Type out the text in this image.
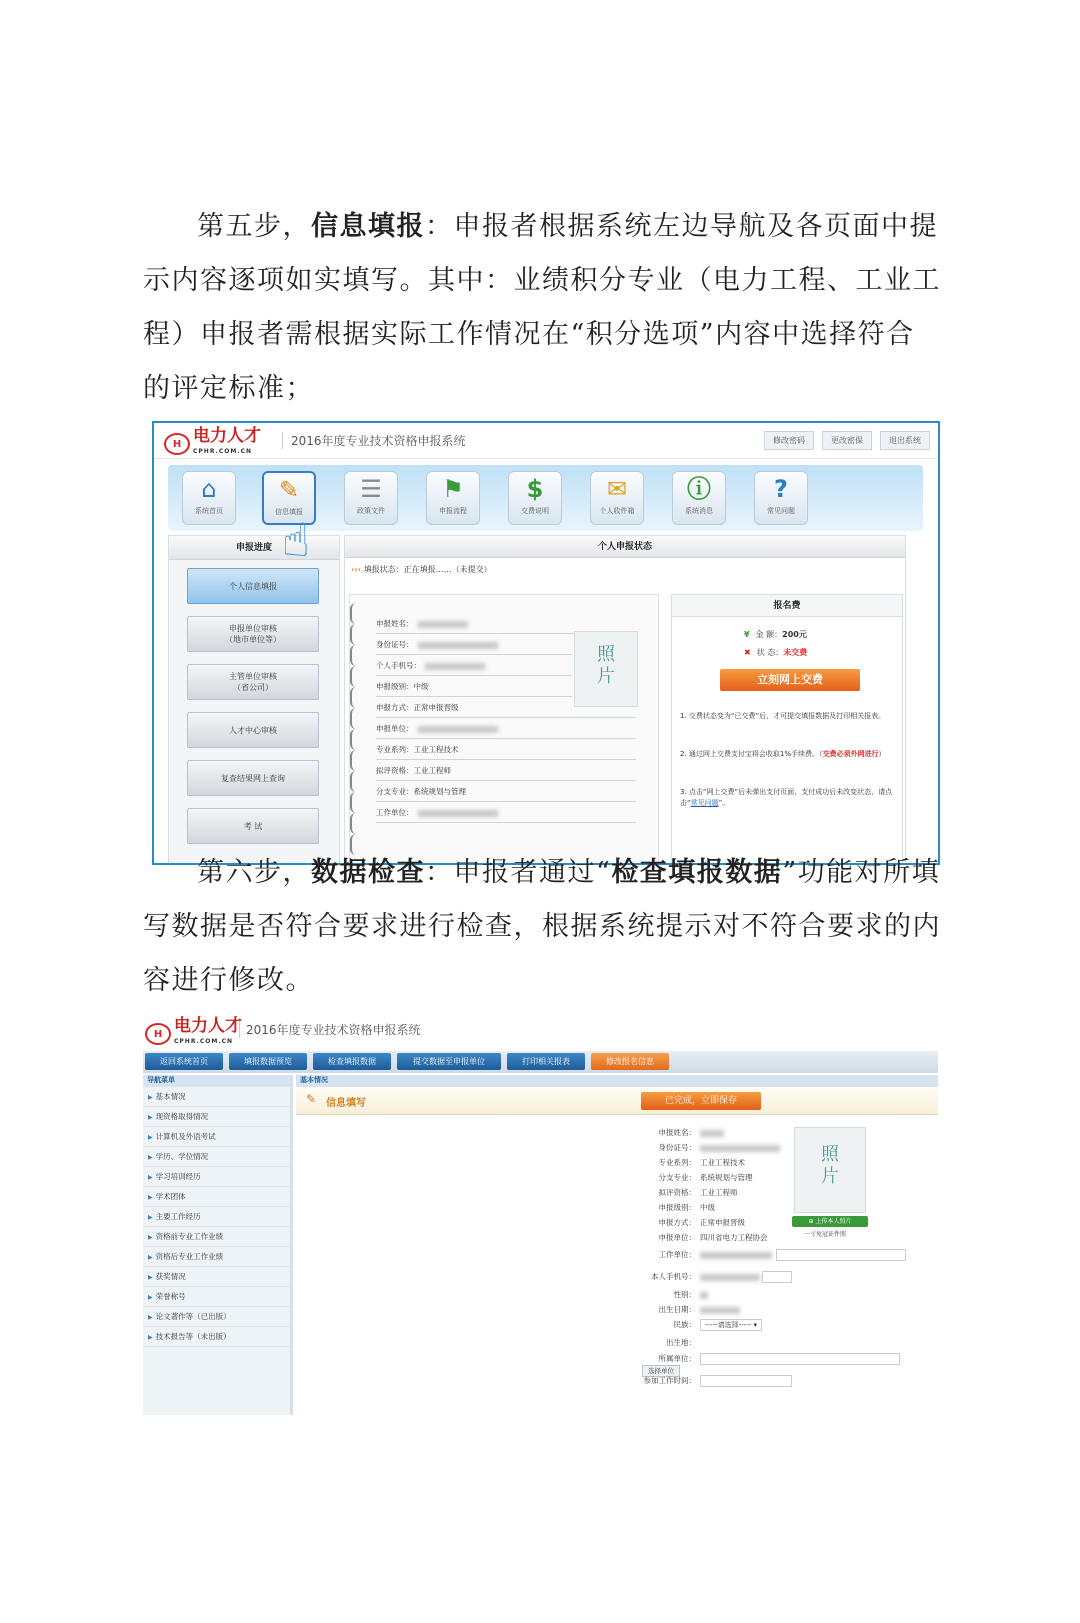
第五步，信息填报：申报者根据系统左边导航及各页面中提示内容逐项如实填写。其中：业绩积分专业（电力工程、工业工程）申报者需根据实际工作情况在“积分选项”内容中选择符合的评定标准；
H 电力人才
CPHR.COM.CN
2016年度专业技术资格申报系统	修改密码	更改密保	退出系统
⌂
系统首页
✎
信息填报
☰
政策文件
⚑
申报流程
$
交费说明
✉
个人收件箱
ⓘ
系统消息
?
常见问题
申报进度
个人信息填报
申报单位审核
（地市单位等）
主管单位审核
（省公司）
人才中心审核
复查结果网上查询
考 试
☝	个人申报状态
››› 填报状态：正在填报……（未提交）
申报姓名：
身份证号：
个人手机号：
申报级别：中级
申报方式：正常申报晋级
申报单位：
专业系列：工业工程技术
拟评资格：工业工程师
分支专业：系统规划与管理
工作单位：
照
片
报名费
¥ 金 额：200元
✖ 状 态：未交费
立刻网上交费
1. 交费状态变为“已交费”后，才可提交填报数据及打印相关报表。
2. 通过网上交费支付宝将会收取1%手续费。（交费必须外网进行）
3. 点击“网上交费”后未弹出支付页面，支付成功后未改变状态，请点击“常见问题”。
第六步，数据检查：申报者通过“检查填报数据”功能对所填写数据是否符合要求进行检查，根据系统提示对不符合要求的内容进行修改。
H 电力人才
CPHR.COM.CN
2016年度专业技术资格申报系统
返回系统首页	填报数据预览	检查填报数据	提交数据至申报单位	打印相关报表	修改报名信息
导航菜单
▶ 基本情况
▶ 现资格取得情况
▶ 计算机及外语考试
▶ 学历、学位情况
▶ 学习培训经历
▶ 学术团体
▶ 主要工作经历
▶ 资格前专业工作业绩
▶ 资格后专业工作业绩
▶ 获奖情况
▶ 荣誉称号
▶ 论文著作等（已出版）
▶ 技术报告等（未出版）
基本情况
✎ 信息填写	已完成，立即保存
申报姓名：
身份证号：
专业系列： 工业工程技术
分支专业： 系统规划与管理
拟评资格： 工业工程师
申报级别： 中级
申报方式： 正常申报晋级
申报单位： 四川省电力工程协会
工作单位：
本人手机号：
性别：
出生日期：
民族： -----请选择----- ▾
出生地：
所属单位：选择单位
参加工作时间：
照
片
⊕ 上传本人照片
一寸免冠证件照
